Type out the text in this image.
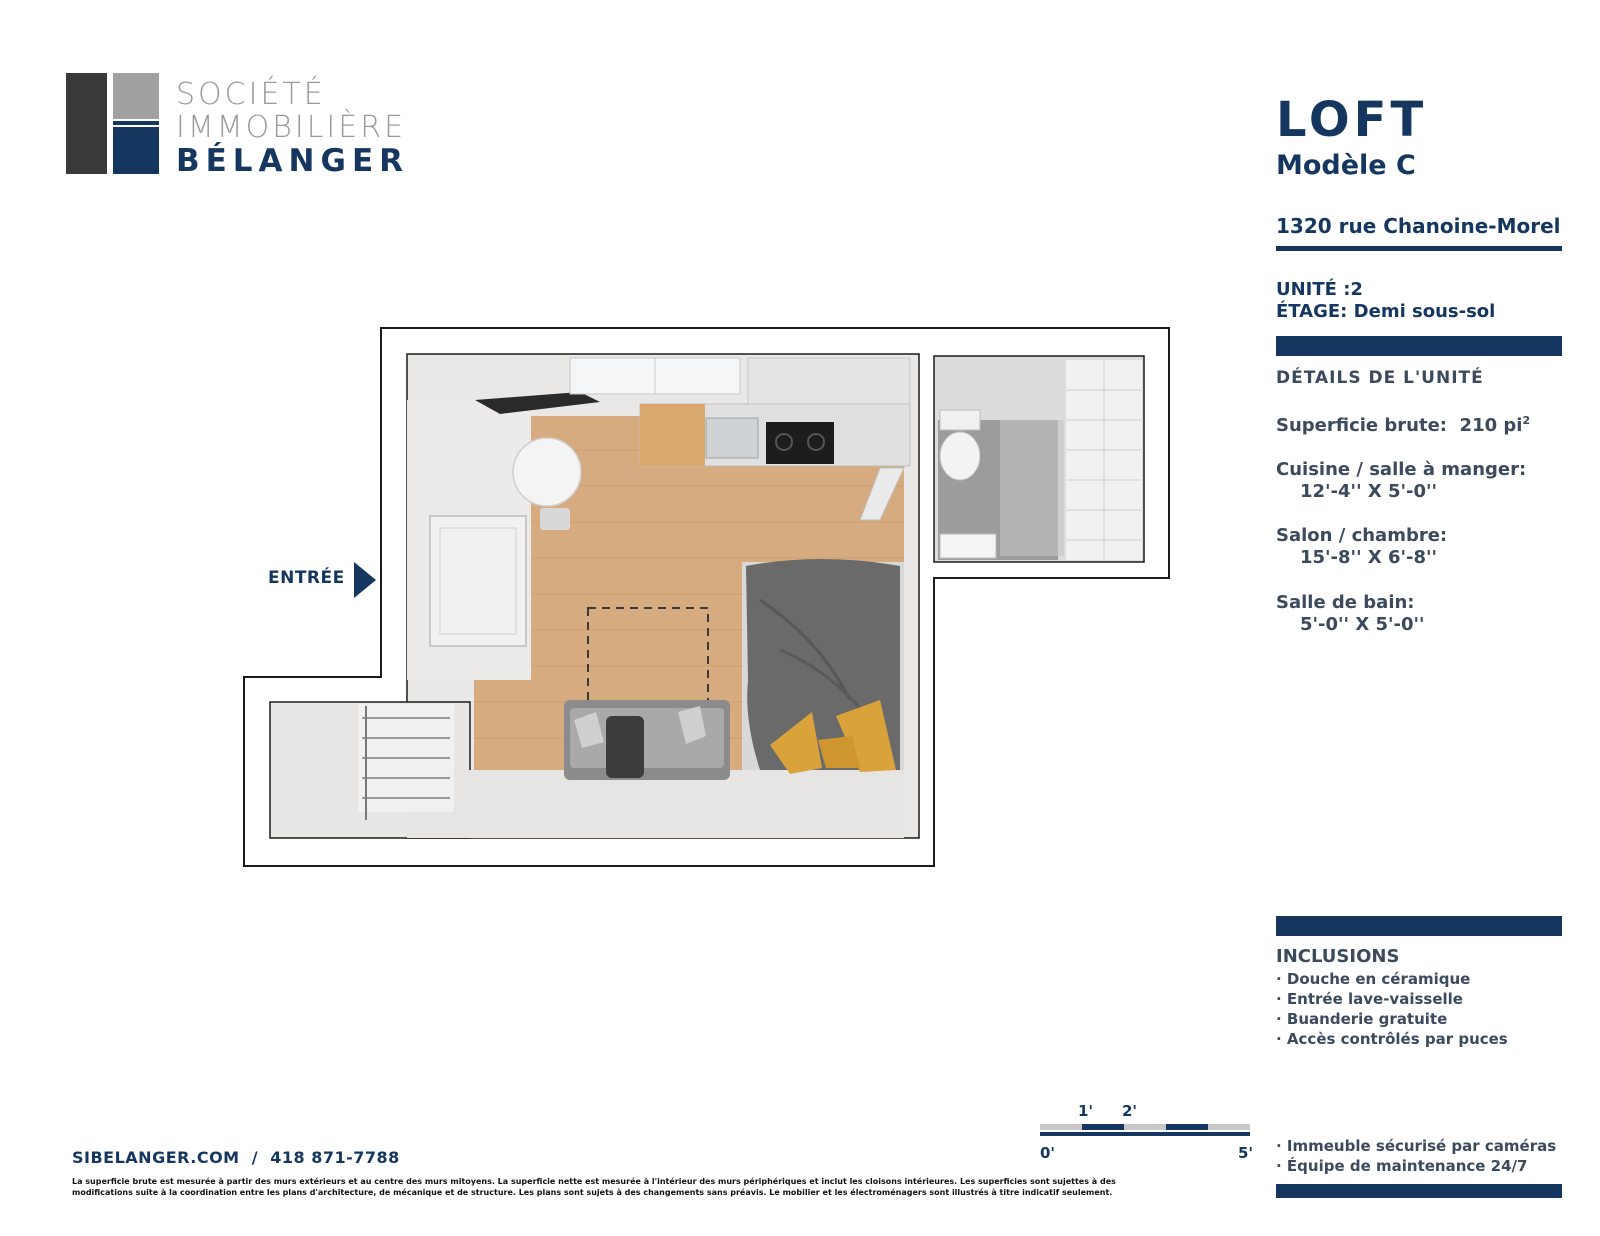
SOCIÉTÉ
IMMOBILIÈRE
BÉLANGER
LOFT
Modèle C
1320 rue Chanoine-Morel
UNITÉ :2
ÉTAGE: Demi sous-sol
DÉTAILS DE L'UNITÉ
Superficie brute: 210 $pi^2$
Cuisine / salle à manger:
12'-4'' X 5'-0''
Salon / chambre:
15'-8'' X 6'-8''
Salle de bain:
5'-0'' X 5'-0''
INCLUSIONS
· Douche en céramique
· Entrée lave-vaisselle
· Buanderie gratuite
· Accès contrôlés par puces
· Immeuble sécurisé par caméras
· Équipe de maintenance 24/7
ENTRÉE
1' 2'
0'	5'
SIBELANGER.COM / 418 871-7788
La superficie brute est mesurée à partir des murs extérieurs et au centre des murs mitoyens. La superficie nette est mesurée à l'intérieur des murs périphériques et inclut les cloisons intérieures. Les superficies sont sujettes à des modifications suite à la coordination entre les plans d'architecture, de mécanique et de structure. Les plans sont sujets à des changements sans préavis. Le mobilier et les électroménagers sont illustrés à titre indicatif seulement.
